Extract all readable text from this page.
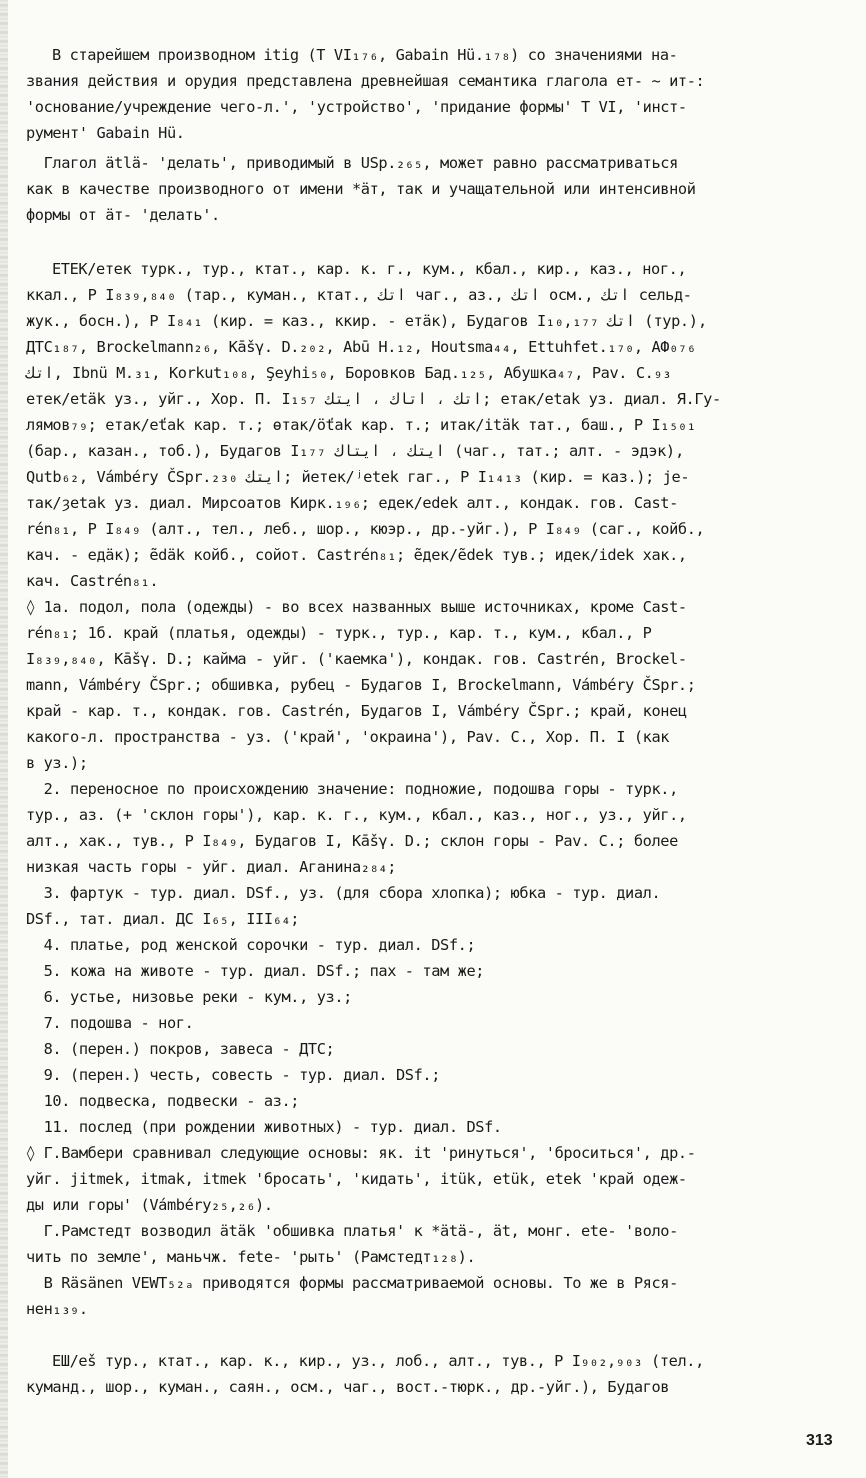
В старейшем производном itig (Т VI₁₇₆, Gabain Hü.₁₇₈) со значениями на-
звания действия и орудия представлена древнейшая семантика глагола ет- ~ ит-:
'основание/учреждение чего-л.', 'устройство', 'придание формы' Т VI, 'инст-
румент' Gabain Hü.
Глагол ätlä- 'делать', приводимый в USp.₂₆₅, может равно рассматриваться
как в качестве производного от имени *äт, так и учащательной или интенсивной
формы от äт- 'делать'.
ЕТЕК/етек турк., тур., ктат., кар. к. г., кум., кбал., кир., каз., ног.,
ккал., Р I₈₃₉,₈₄₀ (тар., куман., ктат., اتك чаг., аз., اتك осм., اتك сельд-
жук., босн.), Р I₈₄₁ (кир. = каз., ккир. - етäк), Будагов I₁₀,₁₇₇ اتك (тур.),
ДТС₁₈₇, Brockelmann₂₆, Kāšγ. D.₂₀₂, Abū H.₁₂, Houtsma₄₄, Ettuhfet.₁₇₀, АФ₀₇₆
اتك, Ibnü M.₃₁, Korkut₁₀₈, Şeyhi₅₀, Боровков Бад.₁₂₅, Абушка₄₇, Pav. C.₉₃
етек/etäk уз., уйг., Хор. П. I₁₅₇ اتك ، اتاك ، ايتك; етак/etak уз. диал. Я.Гу-
лямов₇₉; етак/eťak кар. т.; өтак/öťak кар. т.; итак/itäk тат., баш., Р I₁₅₀₁
(бар., казан., тоб.), Будагов I₁₇₇ ايتك ، ايتاك (чаг., тат.; алт. - эдэк),
Qutb₆₂, Vámbéry ČSpr.₂₃₀ ايتك; йетек/ʲetek гаг., Р I₁₄₁₃ (кир. = каз.); je-
так/ȝetak уз. диал. Мирсоатов Кирк.₁₉₆; едек/edek алт., кондак. гов. Cast-
rén₈₁, Р I₈₄₉ (алт., тел., леб., шор., кюэр., др.-уйг.), Р I₈₄₉ (саг., койб.,
кач. - едäк); ẽdäk койб., сойот. Castrén₈₁; ẽдек/ẽdek тув.; идек/idek хак.,
кач. Castrén₈₁.
◊ 1а. подол, пола (одежды) - во всех названных выше источниках, кроме Cast-
rén₈₁; 1б. край (платья, одежды) - турк., тур., кар. т., кум., кбал., Р
I₈₃₉,₈₄₀, Kāšγ. D.; кайма - уйг. ('каемка'), кондак. гов. Castrén, Brockel-
mann, Vámbéry ČSpr.; обшивка, рубец - Будагов I, Brockelmann, Vámbéry ČSpr.;
край - кар. т., кондак. гов. Castrén, Будагов I, Vámbéry ČSpr.; край, конец
какого-л. пространства - уз. ('край', 'окраина'), Pav. C., Хор. П. I (как
в уз.);
2. переносное по происхождению значение: подножие, подошва горы - турк.,
тур., аз. (+ 'склон горы'), кар. к. г., кум., кбал., каз., ног., уз., уйг.,
алт., хак., тув., Р I₈₄₉, Будагов I, Kāšγ. D.; склон горы - Pav. C.; более
низкая часть горы - уйг. диал. Аганина₂₈₄;
3. фартук - тур. диал. DSf., уз. (для сбора хлопка); юбка - тур. диал.
DSf., тат. диал. ДС I₆₅, III₆₄;
4. платье, род женской сорочки - тур. диал. DSf.;
5. кожа на животе - тур. диал. DSf.; пах - там же;
6. устье, низовье реки - кум., уз.;
7. подошва - ног.
8. (перен.) покров, завеса - ДТС;
9. (перен.) честь, совесть - тур. диал. DSf.;
10. подвеска, подвески - аз.;
11. послед (при рождении животных) - тур. диал. DSf.
◊ Г.Вамбери сравнивал следующие основы: як. it 'ринуться', 'броситься', др.-
уйг. jitmek, itmak, itmek 'бросать', 'кидать', itük, etük, etek 'край одеж-
ды или горы' (Vámbéry₂₅,₂₆).
Г.Рамстедт возводил ätäk 'обшивка платья' к *ätä-, ät, монг. ete- 'воло-
чить по земле', маньчж. fete- 'рыть' (Рамстедт₁₂₈).
В Räsänen VEWT₅₂ₐ приводятся формы рассматриваемой основы. То же в Ряся-
нен₁₃₉.
ЕШ/eš тур., ктат., кар. к., кир., уз., лоб., алт., тув., Р I₉₀₂,₉₀₃ (тел.,
куманд., шор., куман., саян., осм., чаг., вост.-тюрк., др.-уйг.), Будагов
313
